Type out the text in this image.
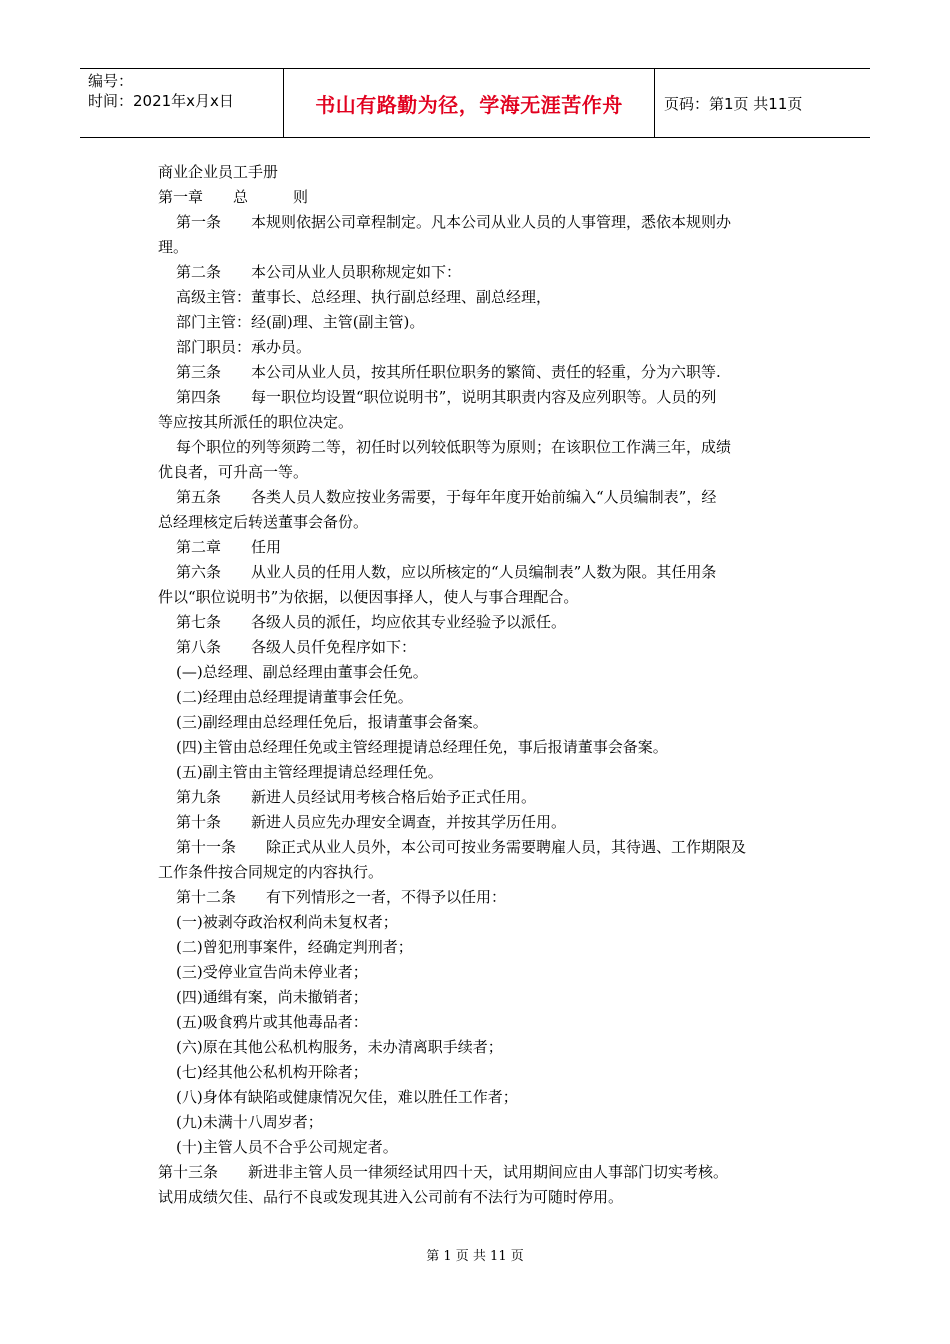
编号：
时间：2021年x月x日	书山有路勤为径，学海无涯苦作舟	页码：第1页 共11页
商业企业员工手册
第一章　　总　　　则
第一条　　本规则依据公司章程制定。凡本公司从业人员的人事管理，悉依本规则办
理。
第二条　　本公司从业人员职称规定如下：
高级主管：董事长、总经理、执行副总经理、副总经理，
部门主管：经(副)理、主管(副主管)。
部门职员：承办员。
第三条　　本公司从业人员，按其所任职位职务的繁简、责任的轻重，分为六职等.
第四条　　每一职位均设置“职位说明书”，说明其职责内容及应列职等。人员的列
等应按其所派任的职位决定。
每个职位的列等须跨二等，初任时以列较低职等为原则；在该职位工作满三年，成绩
优良者，可升高一等。
第五条　　各类人员人数应按业务需要，于每年年度开始前编入“人员编制表”，经
总经理核定后转送董事会备份。
第二章　　任用
第六条　　从业人员的任用人数，应以所核定的“人员编制表”人数为限。其任用条
件以“职位说明书”为依据，以便因事择人，使人与事合理配合。
第七条　　各级人员的派任，均应依其专业经验予以派任。
第八条　　各级人员仟免程序如下：
(—)总经理、副总经理由董事会任免。
(二)经理由总经理提请董事会任免。
(三)副经理由总经理任免后，报请董事会备案。
(四)主管由总经理任免或主管经理提请总经理任免，事后报请董事会备案。
(五)副主管由主管经理提请总经理任免。
第九条　　新进人员经试用考核合格后始予正式任用。
第十条　　新进人员应先办理安全调查，并按其学历任用。
第十一条　　除正式从业人员外，本公司可按业务需要聘雇人员，其待遇、工作期限及
工作条件按合同规定的内容执行。
第十二条　　有下列情形之一者，不得予以任用：
(一)被剥夺政治权利尚未复权者；
(二)曾犯刑事案件，经确定判刑者；
(三)受停业宣告尚未停业者；
(四)通缉有案，尚未撤销者；
(五)吸食鸦片或其他毒品者：
(六)原在其他公私机构服务，未办清离职手续者；
(七)经其他公私机构开除者；
(八)身体有缺陷或健康情况欠佳，难以胜任工作者；
(九)未满十八周岁者；
(十)主管人员不合乎公司规定者。
第十三条　　新进非主管人员一律须经试用四十天，试用期间应由人事部门切实考核。
试用成绩欠佳、品行不良或发现其进入公司前有不法行为可随时停用。
第 1 页 共 11 页
